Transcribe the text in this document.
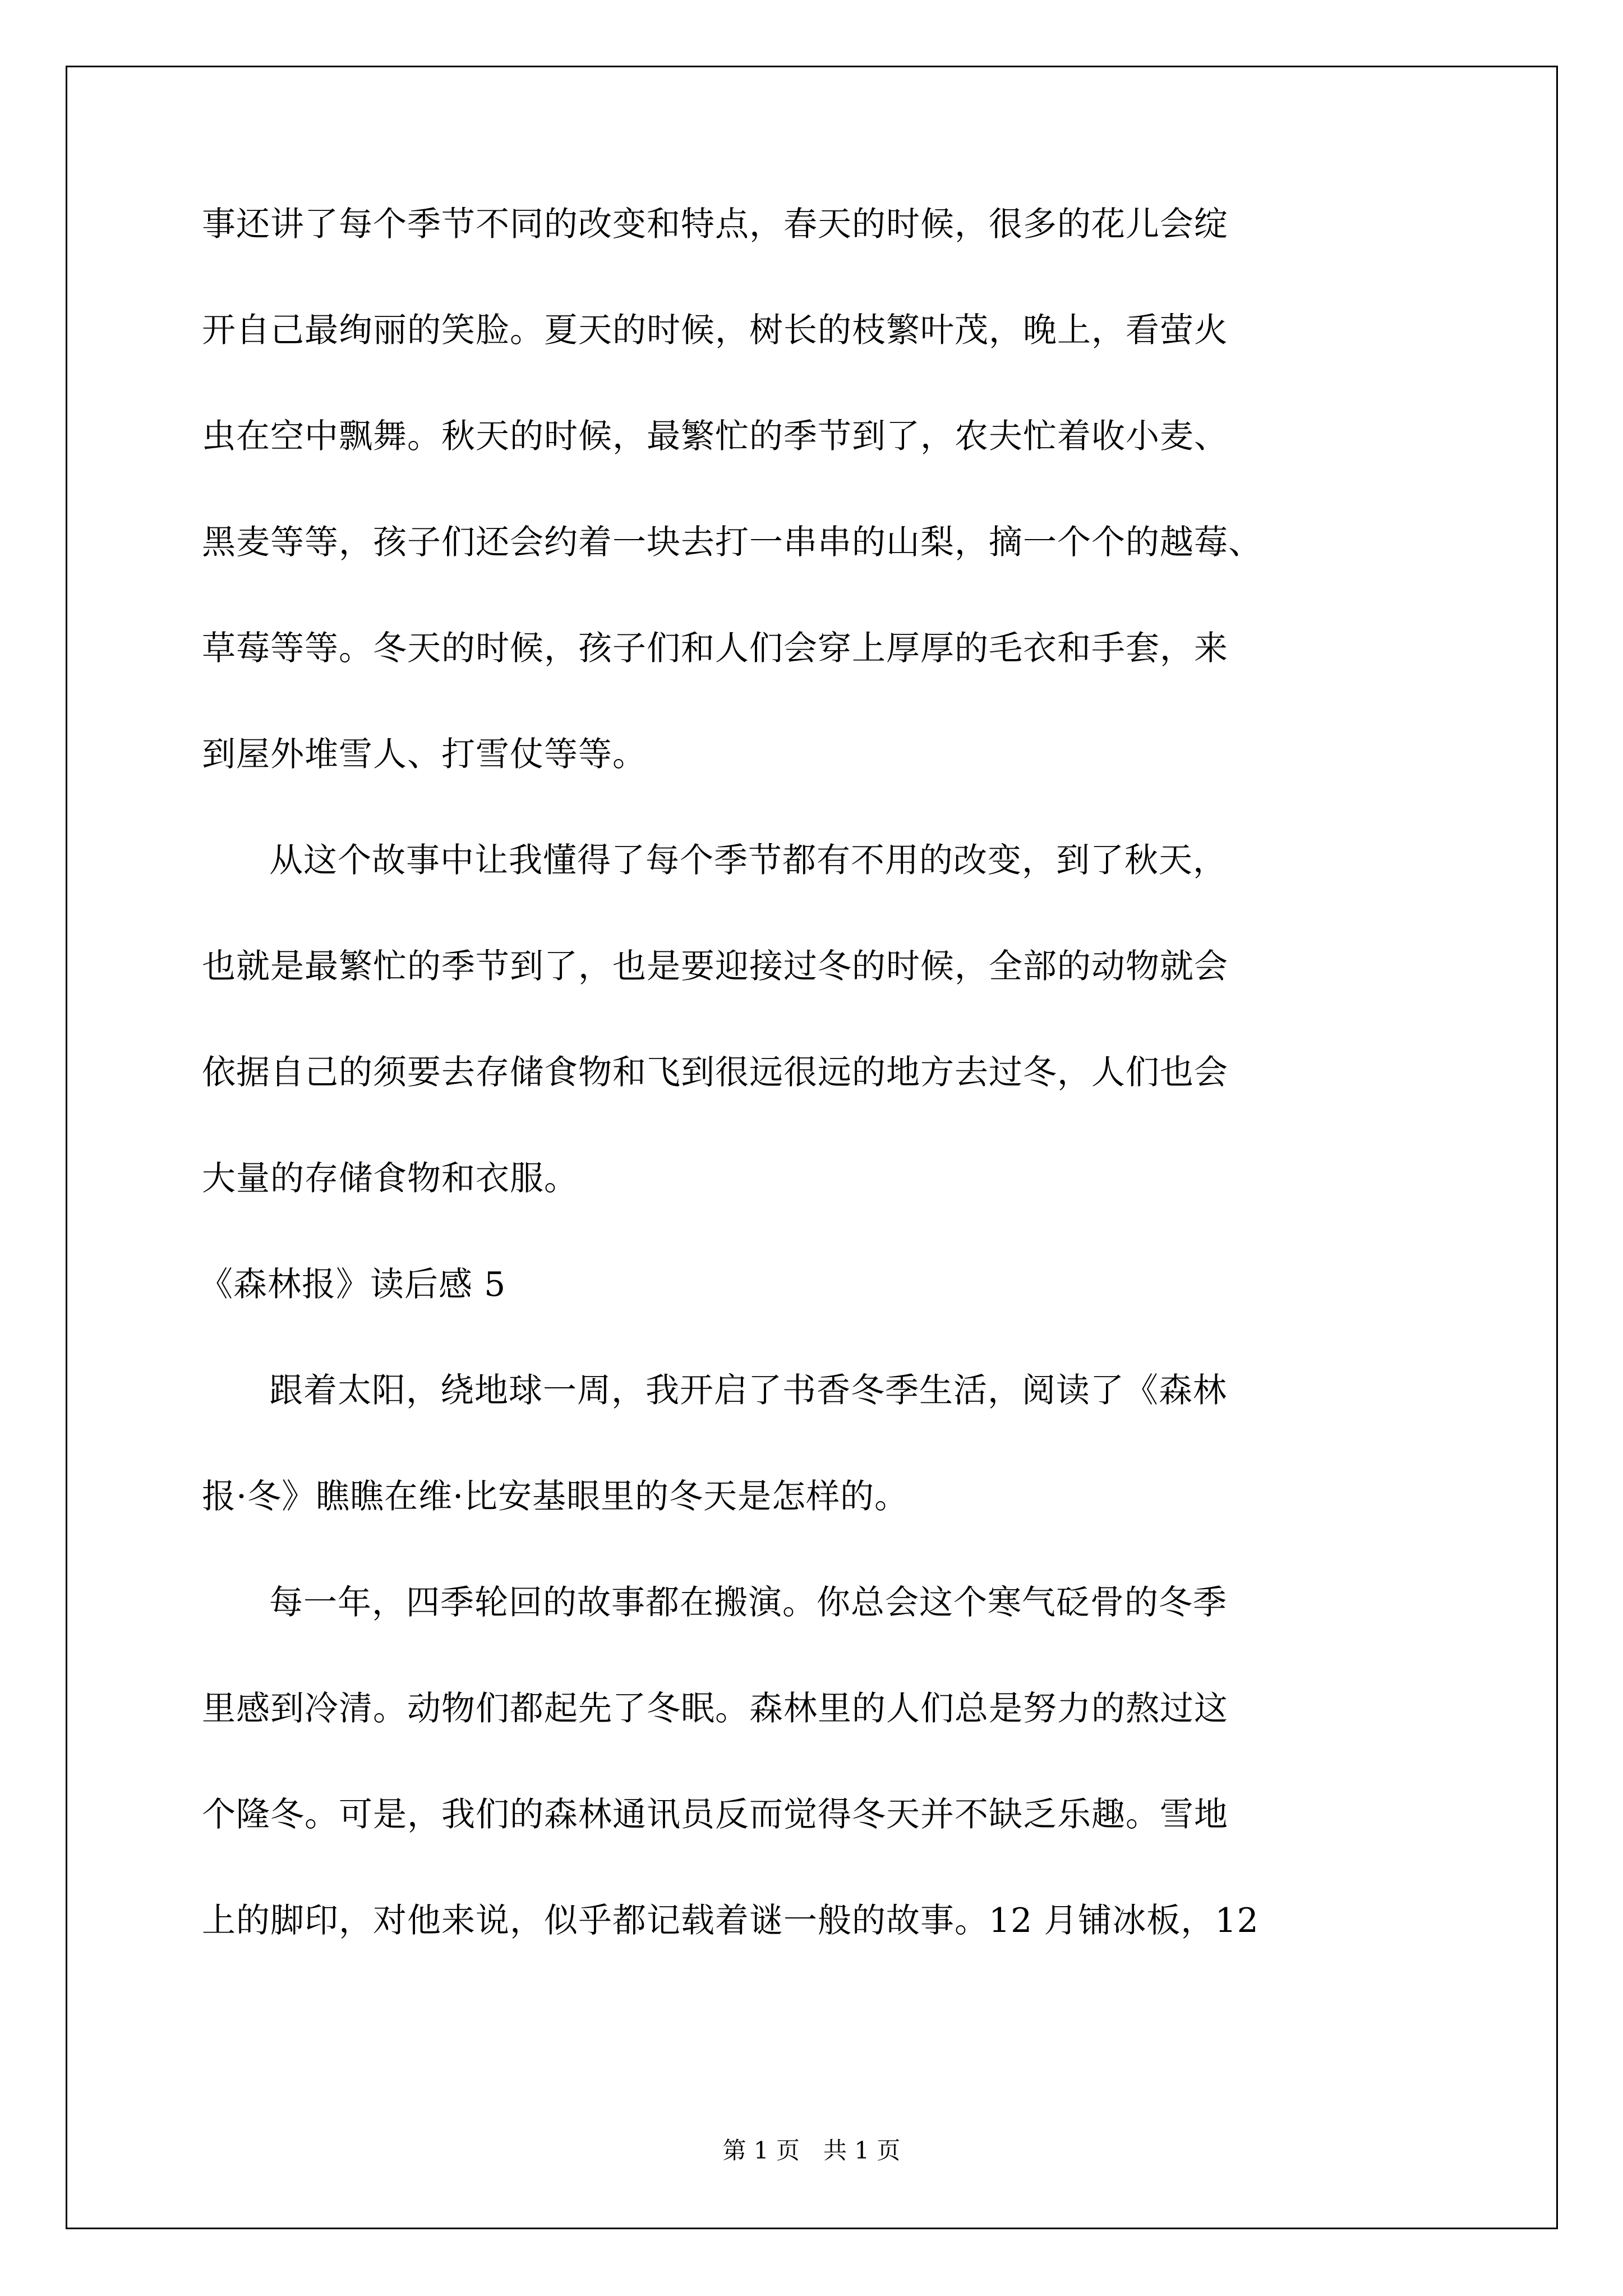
事还讲了每个季节不同的改变和特点，春天的时候，很多的花儿会绽
开自己最绚丽的笑脸。夏天的时候，树长的枝繁叶茂，晚上，看萤火
虫在空中飘舞。秋天的时候，最繁忙的季节到了，农夫忙着收小麦、
黑麦等等，孩子们还会约着一块去打一串串的山梨，摘一个个的越莓、
草莓等等。冬天的时候，孩子们和人们会穿上厚厚的毛衣和手套，来
到屋外堆雪人、打雪仗等等。
从这个故事中让我懂得了每个季节都有不用的改变，到了秋天，
也就是最繁忙的季节到了，也是要迎接过冬的时候，全部的动物就会
依据自己的须要去存储食物和飞到很远很远的地方去过冬，人们也会
大量的存储食物和衣服。
《森林报》读后感 5
跟着太阳，绕地球一周，我开启了书香冬季生活，阅读了《森林
报·冬》瞧瞧在维·比安基眼里的冬天是怎样的。
每一年，四季轮回的故事都在搬演。你总会这个寒气砭骨的冬季
里感到冷清。动物们都起先了冬眠。森林里的人们总是努力的熬过这
个隆冬。可是，我们的森林通讯员反而觉得冬天并不缺乏乐趣。雪地
上的脚印，对他来说，似乎都记载着谜一般的故事。12 月铺冰板，12
第 1 页　共 1 页
